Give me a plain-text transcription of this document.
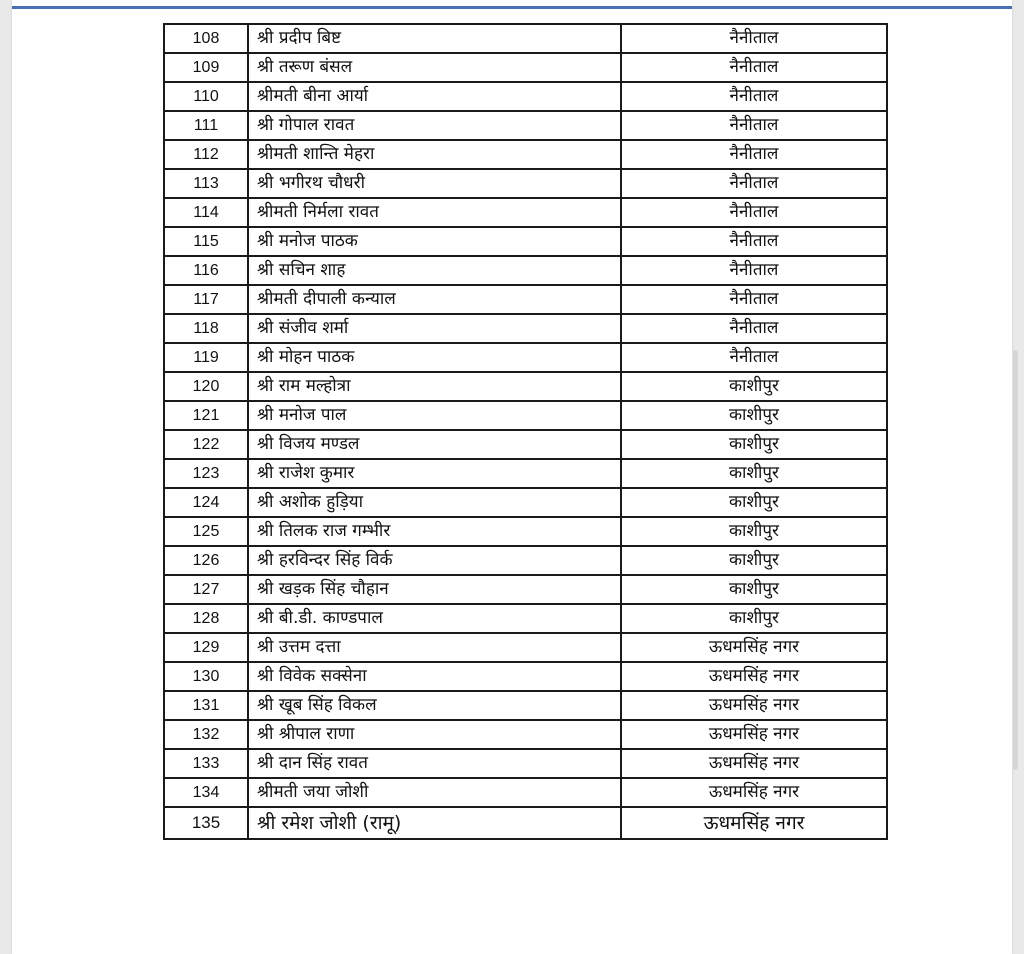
108	श्री प्रदीप बिष्ट	नैनीताल
109	श्री तरूण बंसल	नैनीताल
110	श्रीमती बीना आर्या	नैनीताल
111	श्री गोपाल रावत	नैनीताल
112	श्रीमती शान्ति मेहरा	नैनीताल
113	श्री भगीरथ चौधरी	नैनीताल
114	श्रीमती निर्मला रावत	नैनीताल
115	श्री मनोज पाठक	नैनीताल
116	श्री सचिन शाह	नैनीताल
117	श्रीमती दीपाली कन्याल	नैनीताल
118	श्री संजीव शर्मा	नैनीताल
119	श्री मोहन पाठक	नैनीताल
120	श्री राम मल्होत्रा	काशीपुर
121	श्री मनोज पाल	काशीपुर
122	श्री विजय मण्डल	काशीपुर
123	श्री राजेश कुमार	काशीपुर
124	श्री अशोक हुड़िया	काशीपुर
125	श्री तिलक राज गम्भीर	काशीपुर
126	श्री हरविन्दर सिंह विर्क	काशीपुर
127	श्री खड़क सिंह चौहान	काशीपुर
128	श्री बी.डी. काण्डपाल	काशीपुर
129	श्री उत्तम दत्ता	ऊधमसिंह नगर
130	श्री विवेक सक्सेना	ऊधमसिंह नगर
131	श्री खूब सिंह विकल	ऊधमसिंह नगर
132	श्री श्रीपाल राणा	ऊधमसिंह नगर
133	श्री दान सिंह रावत	ऊधमसिंह नगर
134	श्रीमती जया जोशी	ऊधमसिंह नगर
135	श्री रमेश जोशी (रामू)	ऊधमसिंह नगर
